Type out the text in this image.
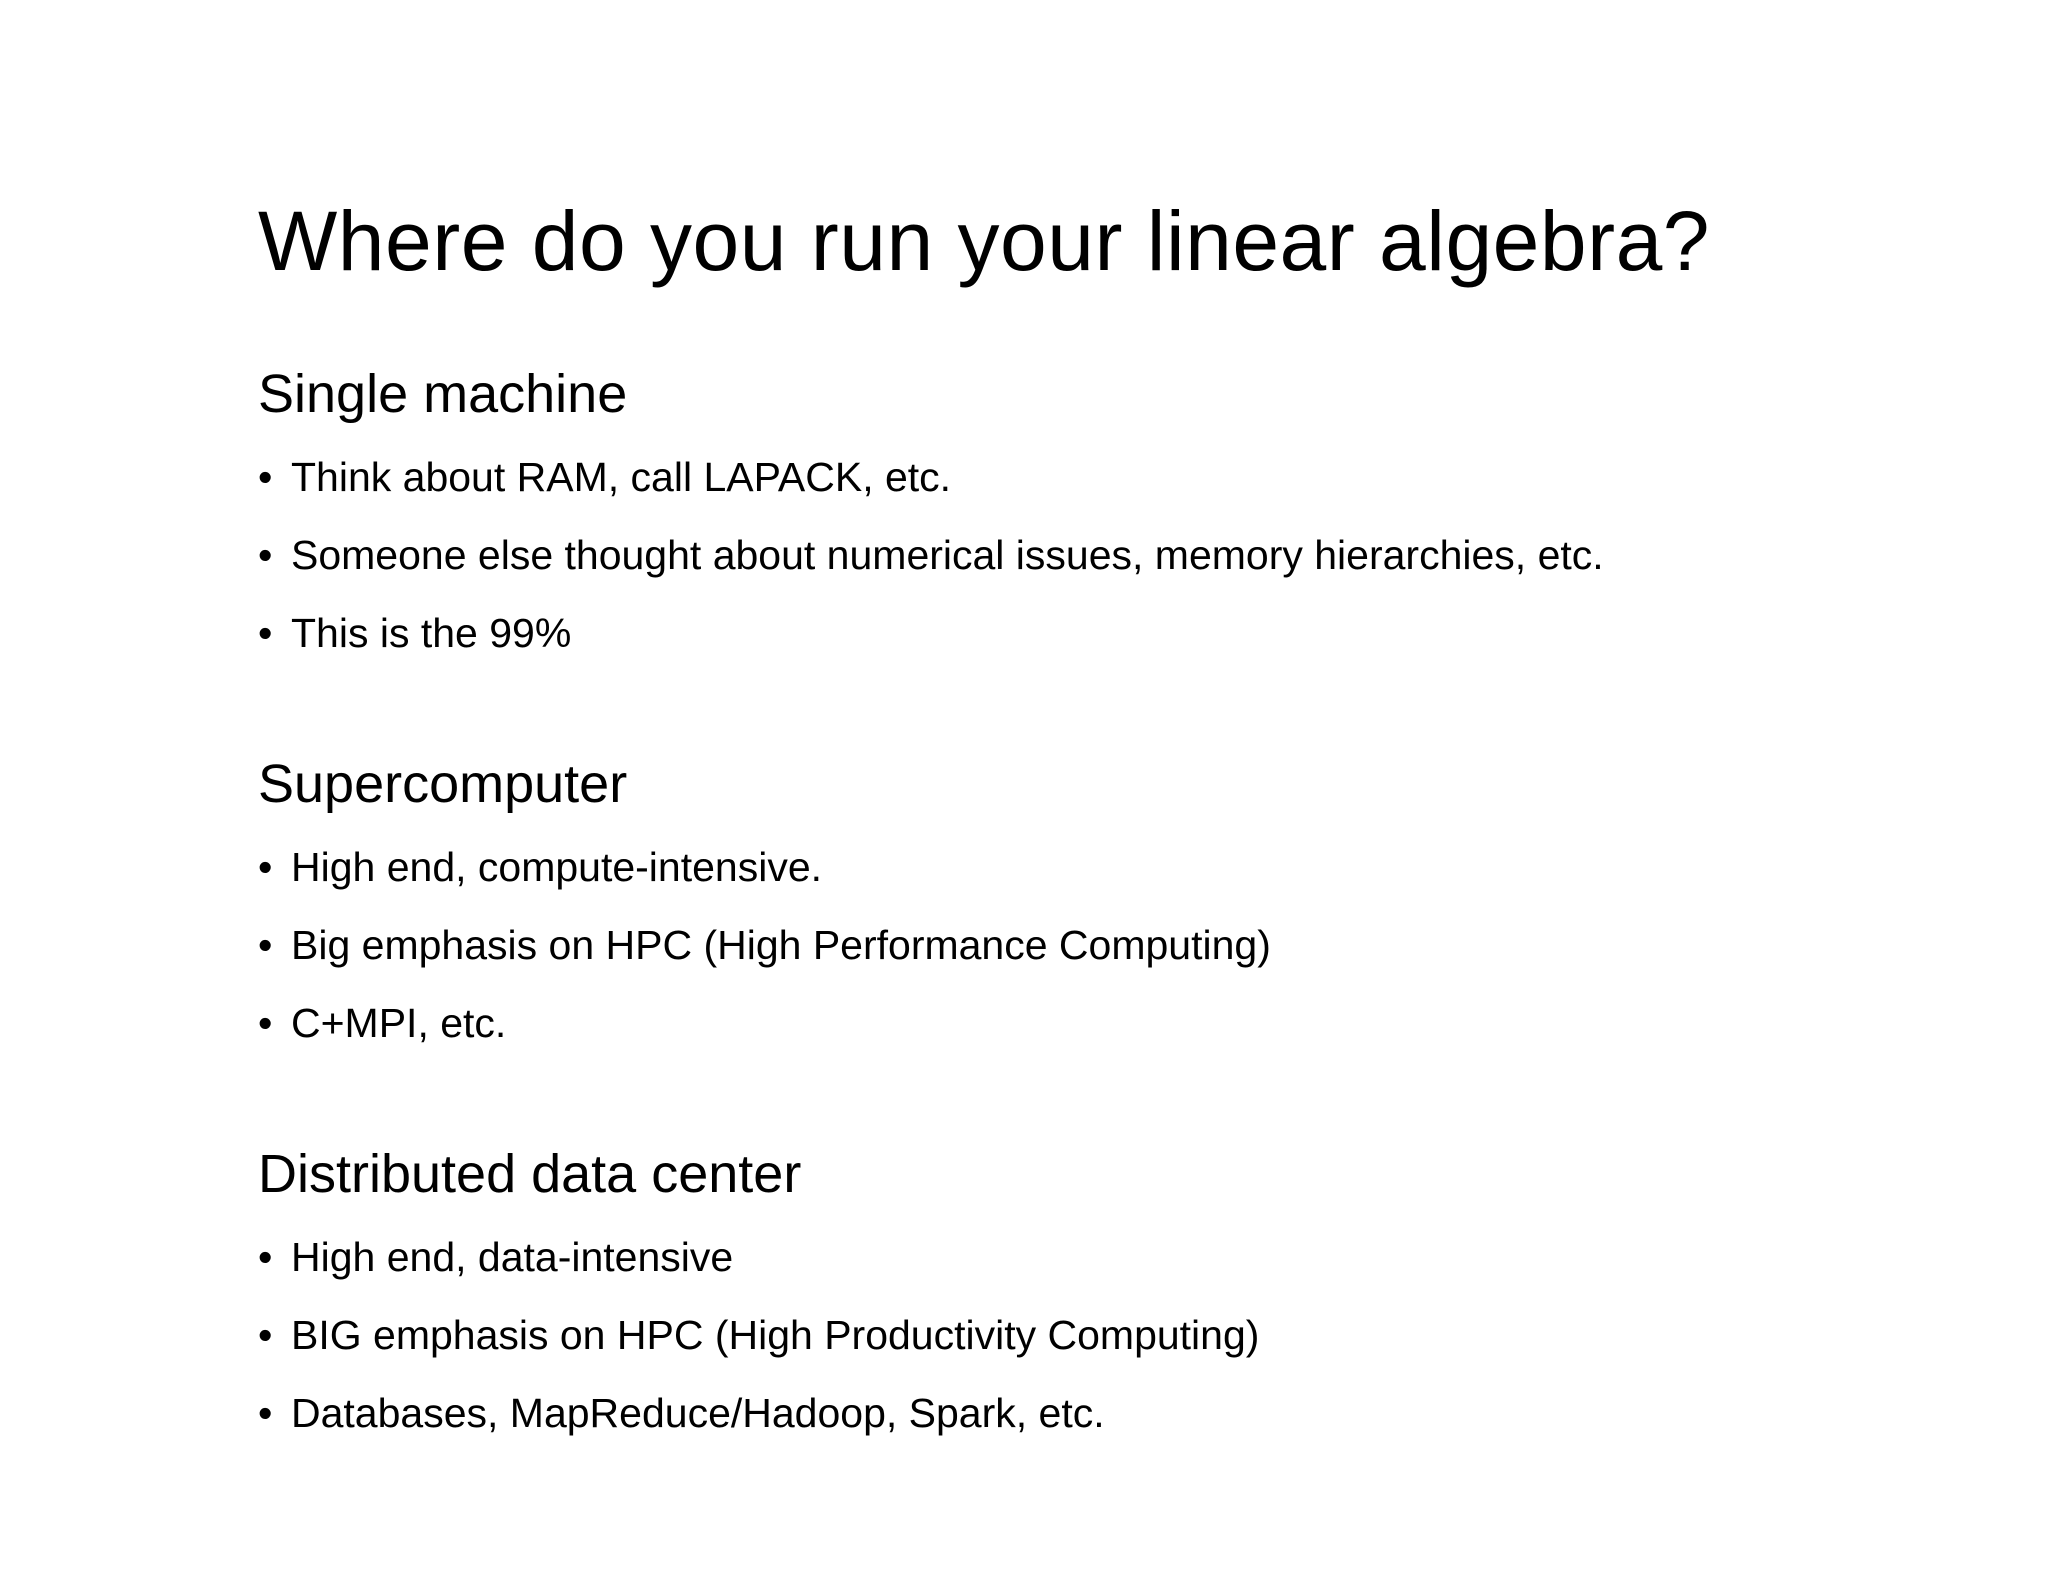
Where do you run your linear algebra?
Single machine
• Think about RAM, call LAPACK, etc.
• Someone else thought about numerical issues, memory hierarchies, etc.
• This is the 99%
Supercomputer
• High end, compute-intensive.
• Big emphasis on HPC (High Performance Computing)
• C+MPI, etc.
Distributed data center
• High end, data-intensive
• BIG emphasis on HPC (High Productivity Computing)
• Databases, MapReduce/Hadoop, Spark, etc.
